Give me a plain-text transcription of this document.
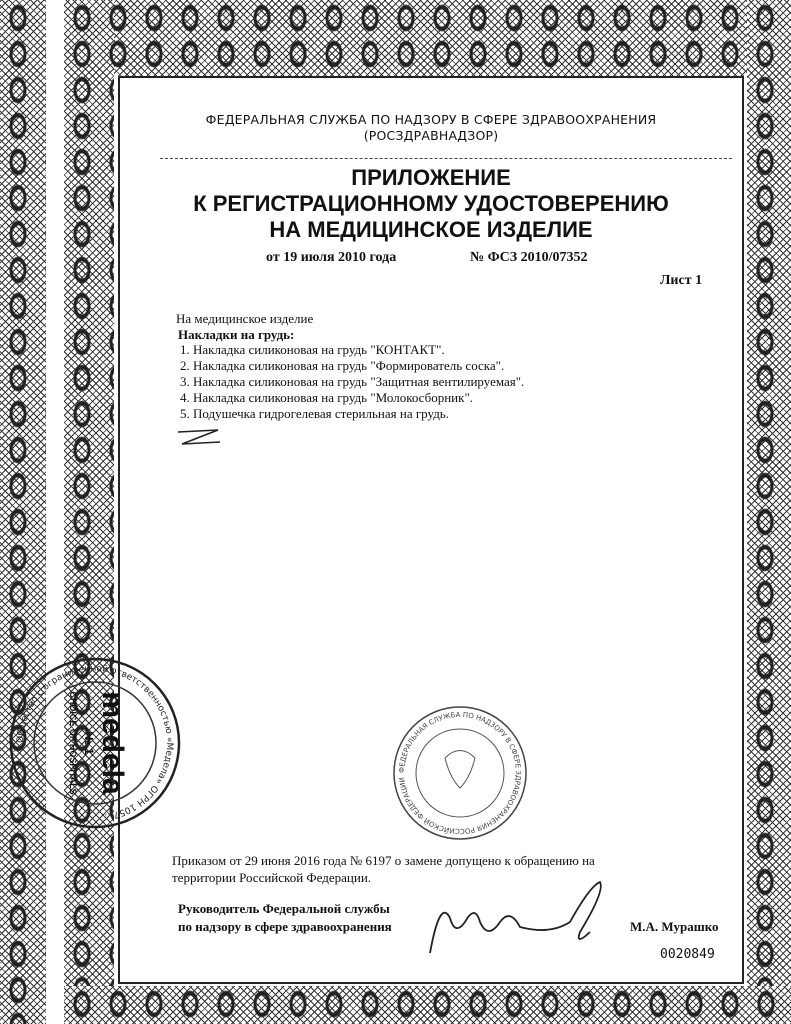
ФЕДЕРАЛЬНАЯ СЛУЖБА ПО НАДЗОРУ В СФЕРЕ ЗДРАВООХРАНЕНИЯ
(РОСЗДРАВНАДЗОР)
ПРИЛОЖЕНИЕ
К РЕГИСТРАЦИОННОМУ УДОСТОВЕРЕНИЮ
НА МЕДИЦИНСКОЕ ИЗДЕЛИЕ
от 19 июля 2010 года	№ ФСЗ 2010/07352
Лист 1
На медицинское изделие
Накладки на грудь:
1. Накладка силиконовая на грудь "КОНТАКТ".
2. Накладка силиконовая на грудь "Формирователь соска".
3. Накладка силиконовая на грудь "Защитная вентилируемая".
4. Накладка силиконовая на грудь "Молокосборник".
5. Подушечка гидрогелевая стерильная на грудь.
ФЕДЕРАЛЬНАЯ СЛУЖБА ПО НАДЗОРУ В СФЕРЕ ЗДРАВООХРАНЕНИЯ РОССИЙСКОЙ ФЕДЕРАЦИИ
Приказом от 29 июня 2016 года № 6197 о замене допущено к обращению на
территории Российской Федерации.
Руководитель Федеральной службы
по надзору в сфере здравоохранения	М.А. Мурашко
0020849
Общество с ограниченной ответственностью «Медела» ОГРН 1057...
medela
№ 1
CHOICE OF HOSPITALS
